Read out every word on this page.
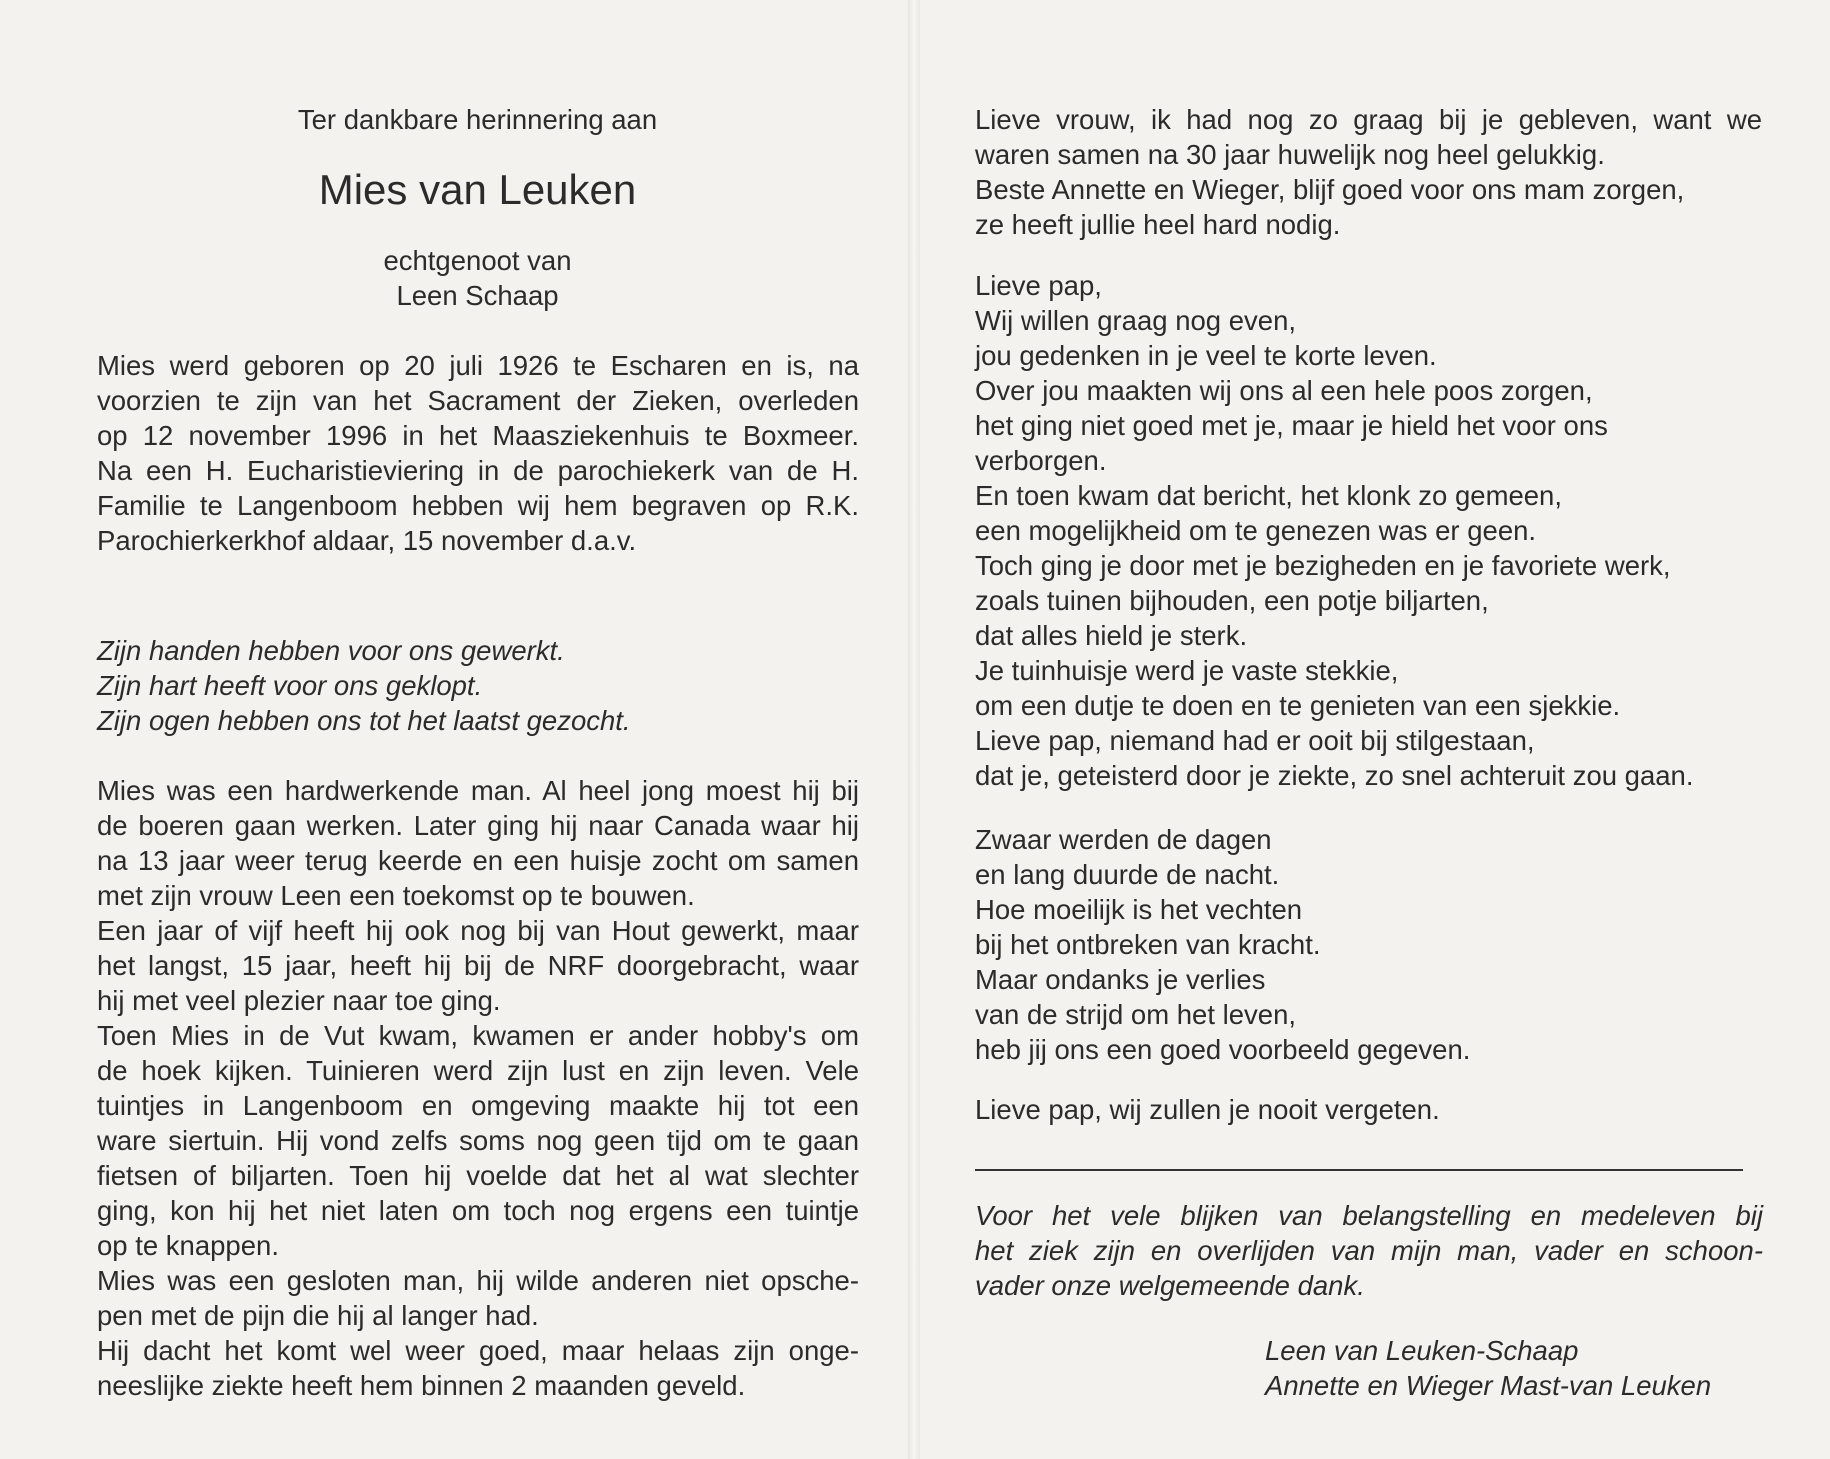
Ter dankbare herinnering aan
Mies van Leuken
echtgenoot van
Leen Schaap
Mies werd geboren op 20 juli 1926 te Escharen en is, na
voorzien te zijn van het Sacrament der Zieken, overleden
op 12 november 1996 in het Maasziekenhuis te Boxmeer.
Na een H. Eucharistieviering in de parochiekerk van de H.
Familie te Langenboom hebben wij hem begraven op R.K.
Parochierkerkhof aldaar, 15 november d.a.v.
Zijn handen hebben voor ons gewerkt.
Zijn hart heeft voor ons geklopt.
Zijn ogen hebben ons tot het laatst gezocht.
Mies was een hardwerkende man. Al heel jong moest hij bij
de boeren gaan werken. Later ging hij naar Canada waar hij
na 13 jaar weer terug keerde en een huisje zocht om samen
met zijn vrouw Leen een toekomst op te bouwen.
Een jaar of vijf heeft hij ook nog bij van Hout gewerkt, maar
het langst, 15 jaar, heeft hij bij de NRF doorgebracht, waar
hij met veel plezier naar toe ging.
Toen Mies in de Vut kwam, kwamen er ander hobby's om
de hoek kijken. Tuinieren werd zijn lust en zijn leven. Vele
tuintjes in Langenboom en omgeving maakte hij tot een
ware siertuin. Hij vond zelfs soms nog geen tijd om te gaan
fietsen of biljarten. Toen hij voelde dat het al wat slechter
ging, kon hij het niet laten om toch nog ergens een tuintje
op te knappen.
Mies was een gesloten man, hij wilde anderen niet opsche-
pen met de pijn die hij al langer had.
Hij dacht het komt wel weer goed, maar helaas zijn onge-
neeslijke ziekte heeft hem binnen 2 maanden geveld.
Lieve vrouw, ik had nog zo graag bij je gebleven, want we
waren samen na 30 jaar huwelijk nog heel gelukkig.
Beste Annette en Wieger, blijf goed voor ons mam zorgen,
ze heeft jullie heel hard nodig.
Lieve pap,
Wij willen graag nog even,
jou gedenken in je veel te korte leven.
Over jou maakten wij ons al een hele poos zorgen,
het ging niet goed met je, maar je hield het voor ons
verborgen.
En toen kwam dat bericht, het klonk zo gemeen,
een mogelijkheid om te genezen was er geen.
Toch ging je door met je bezigheden en je favoriete werk,
zoals tuinen bijhouden, een potje biljarten,
dat alles hield je sterk.
Je tuinhuisje werd je vaste stekkie,
om een dutje te doen en te genieten van een sjekkie.
Lieve pap, niemand had er ooit bij stilgestaan,
dat je, geteisterd door je ziekte, zo snel achteruit zou gaan.
Zwaar werden de dagen
en lang duurde de nacht.
Hoe moeilijk is het vechten
bij het ontbreken van kracht.
Maar ondanks je verlies
van de strijd om het leven,
heb jij ons een goed voorbeeld gegeven.
Lieve pap, wij zullen je nooit vergeten.
Voor het vele blijken van belangstelling en medeleven bij
het ziek zijn en overlijden van mijn man, vader en schoon-
vader onze welgemeende dank.
Leen van Leuken-Schaap
Annette en Wieger Mast-van Leuken
